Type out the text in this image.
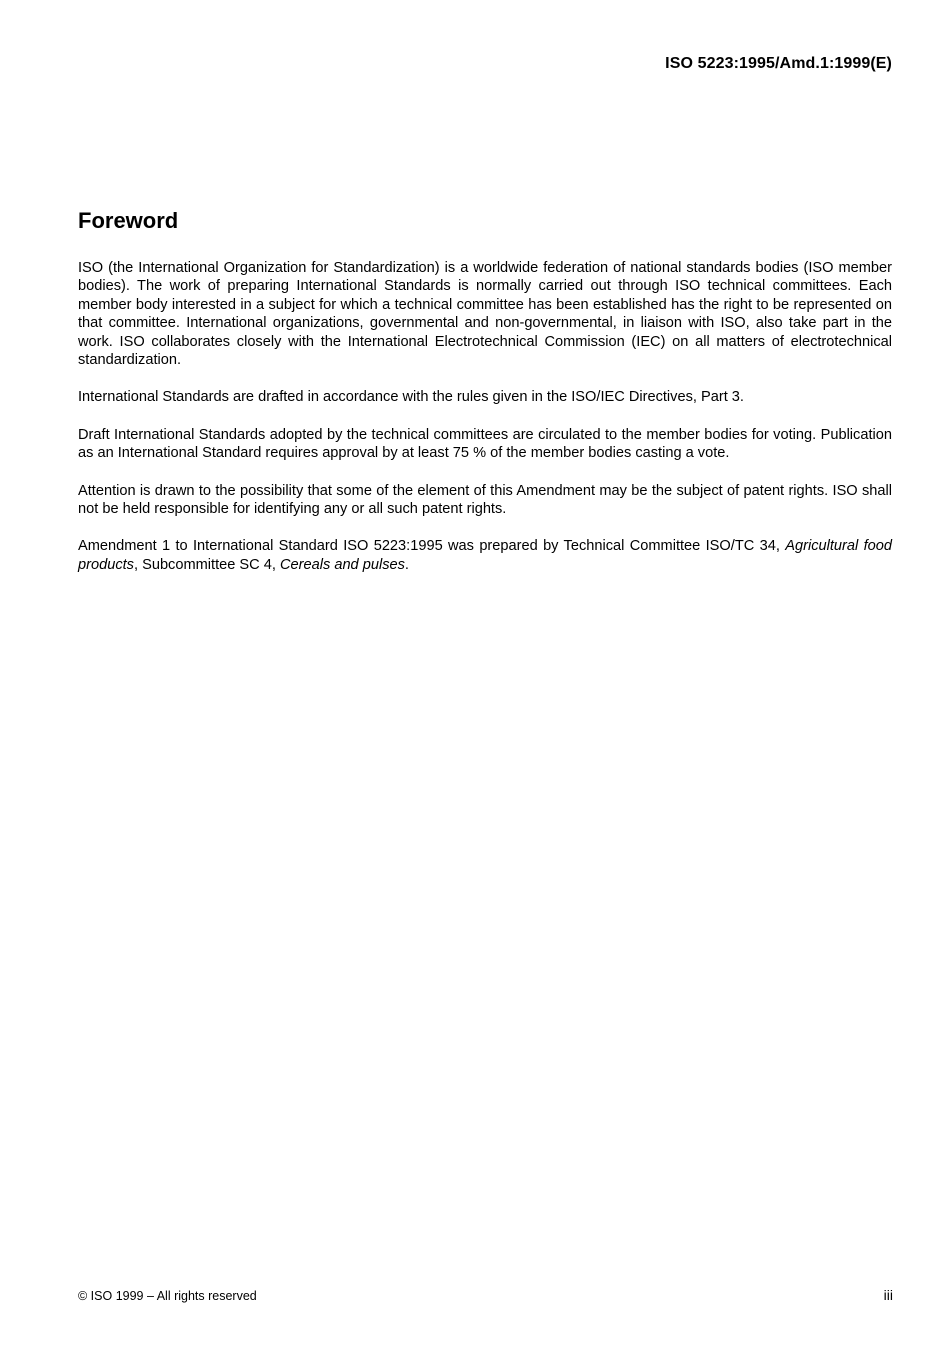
ISO 5223:1995/Amd.1:1999(E)
Foreword

ISO (the International Organization for Standardization) is a worldwide federation of national standards bodies (ISO member bodies). The work of preparing International Standards is normally carried out through ISO technical committees. Each member body interested in a subject for which a technical committee has been established has the right to be represented on that committee. International organizations, governmental and non-governmental, in liaison with ISO, also take part in the work. ISO collaborates closely with the International Electrotechnical Commission (IEC) on all matters of electrotechnical standardization.

International Standards are drafted in accordance with the rules given in the ISO/IEC Directives, Part 3.

Draft International Standards adopted by the technical committees are circulated to the member bodies for voting. Publication as an International Standard requires approval by at least 75 % of the member bodies casting a vote.

Attention is drawn to the possibility that some of the element of this Amendment may be the subject of patent rights. ISO shall not be held responsible for identifying any or all such patent rights.

Amendment 1 to International Standard ISO 5223:1995 was prepared by Technical Committee ISO/TC 34, Agricultural food products, Subcommittee SC 4, Cereals and pulses.

© ISO 1999 – All rights reserved	iii
